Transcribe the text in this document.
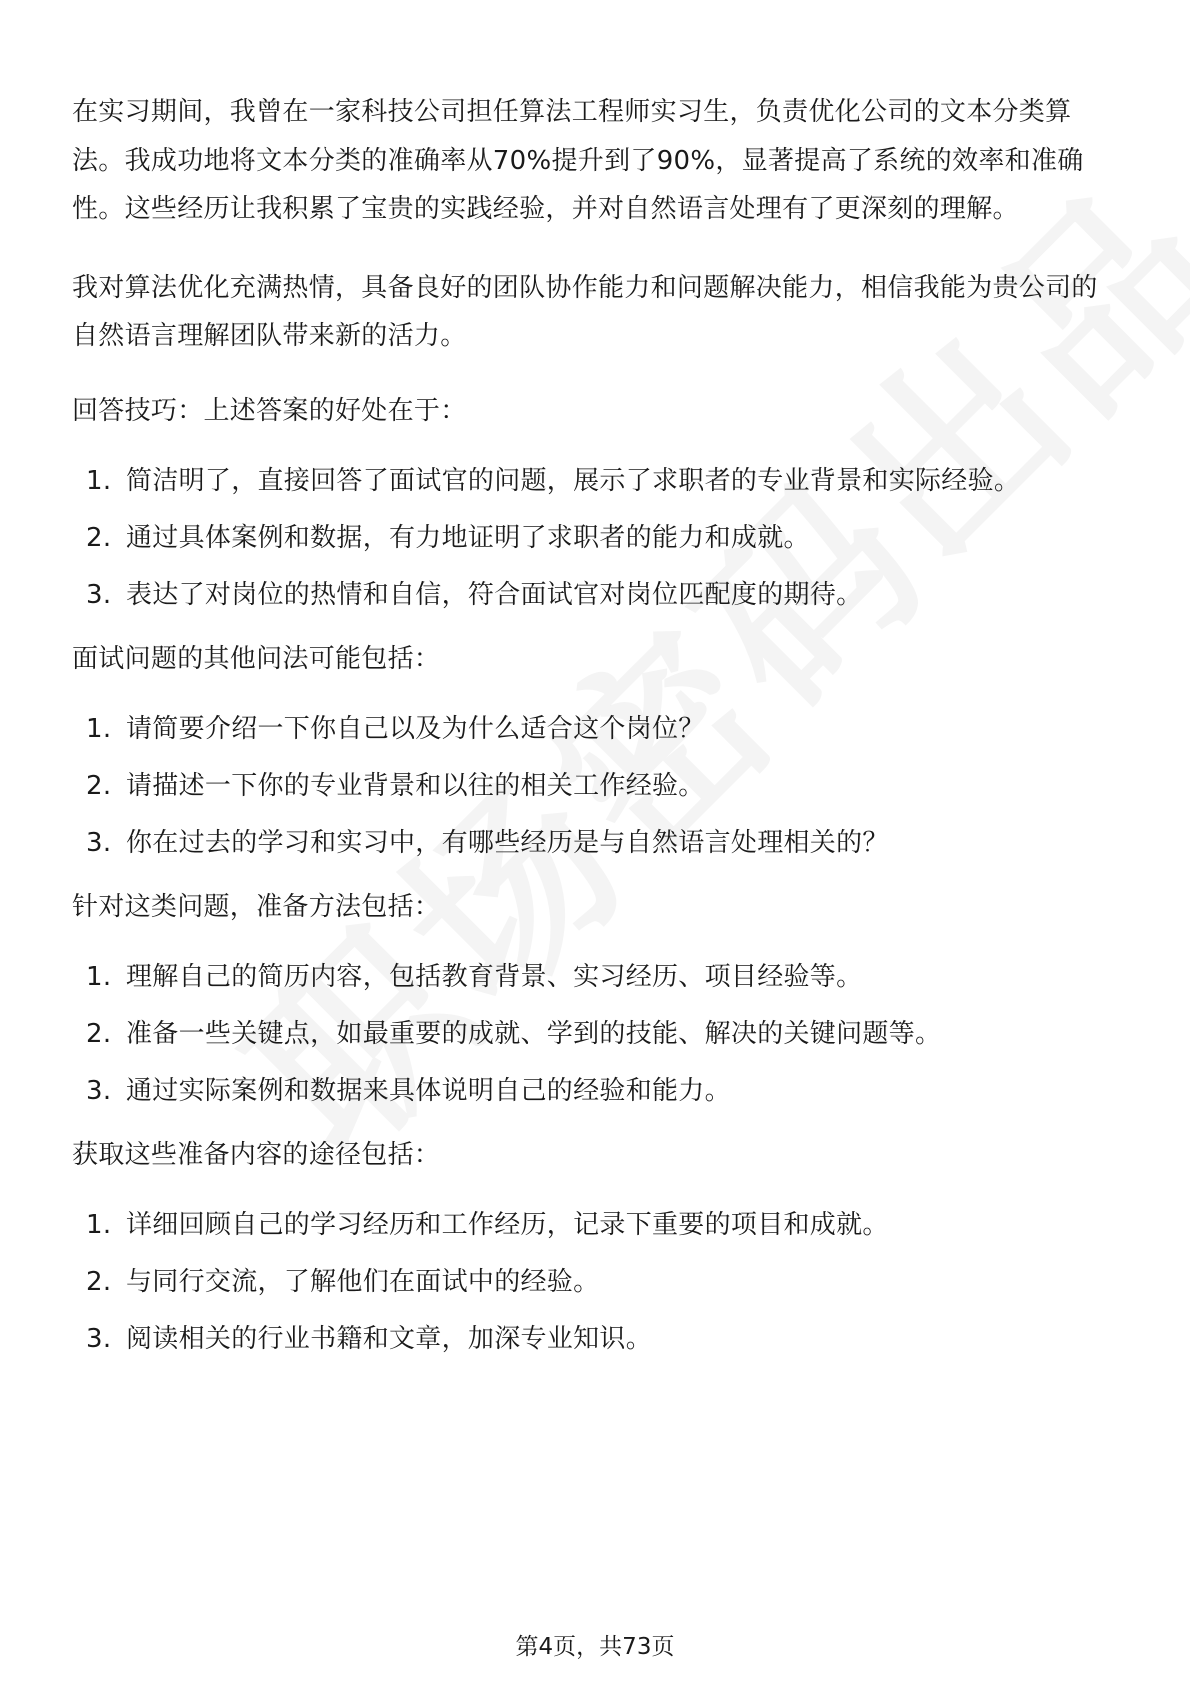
在实习期间，我曾在一家科技公司担任算法工程师实习生，负责优化公司的文本分类算法。我成功地将文本分类的准确率从70%提升到了90%，显著提高了系统的效率和准确性。这些经历让我积累了宝贵的实践经验，并对自然语言处理有了更深刻的理解。

我对算法优化充满热情，具备良好的团队协作能力和问题解决能力，相信我能为贵公司的自然语言理解团队带来新的活力。

回答技巧：上述答案的好处在于：
1. 简洁明了，直接回答了面试官的问题，展示了求职者的专业背景和实际经验。
2. 通过具体案例和数据，有力地证明了求职者的能力和成就。
3. 表达了对岗位的热情和自信，符合面试官对岗位匹配度的期待。
面试问题的其他问法可能包括：
1. 请简要介绍一下你自己以及为什么适合这个岗位？
2. 请描述一下你的专业背景和以往的相关工作经验。
3. 你在过去的学习和实习中，有哪些经历是与自然语言处理相关的？
针对这类问题，准备方法包括：
1. 理解自己的简历内容，包括教育背景、实习经历、项目经验等。
2. 准备一些关键点，如最重要的成就、学到的技能、解决的关键问题等。
3. 通过实际案例和数据来具体说明自己的经验和能力。
获取这些准备内容的途径包括：
1. 详细回顾自己的学习经历和工作经历，记录下重要的项目和成就。
2. 与同行交流，了解他们在面试中的经验。
3. 阅读相关的行业书籍和文章，加深专业知识。
第4页，共73页
